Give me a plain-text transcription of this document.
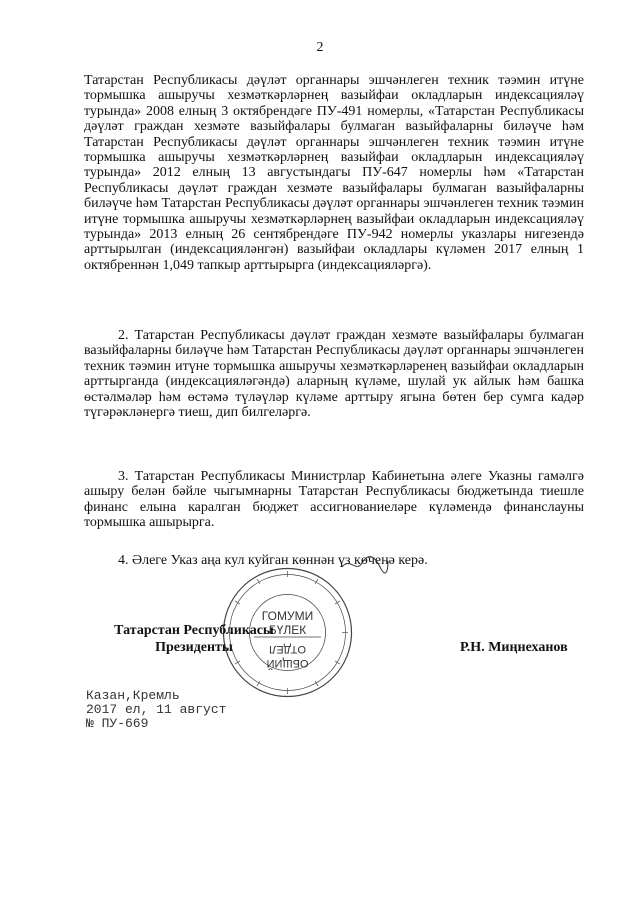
2

Татарстан Республикасы дәүләт органнары эшчәнлеген техник тәэмин итүне тормышка ашыручы хезмәткәрләрнең вазыйфаи окладларын индексацияләү турында» 2008 елның 3 октябрендәге ПУ-491 номерлы, «Татарстан Республикасы дәүләт граждан хезмәте вазыйфалары булмаган вазыйфаларны биләүче һәм Татарстан Республикасы дәүләт органнары эшчәнлеген техник тәэмин итүне тормышка ашыручы хезмәткәрләрнең вазыйфаи окладларын индексацияләү турында» 2012 елның 13 августындагы ПУ-647 номерлы һәм «Татарстан Республикасы дәүләт граждан хезмәте вазыйфалары булмаган вазыйфаларны биләүче һәм Татарстан Республикасы дәүләт органнары эшчәнлеген техник тәэмин итүне тормышка ашыручы хезмәткәрләрнең вазыйфаи окладларын индексацияләү турында» 2013 елның 26 сентябрендәге ПУ-942 номерлы указлары нигезендә арттырылган (индексацияләнгән) вазыйфаи окладлары күләмен 2017 елның 1 октябреннән 1,049 тапкыр арттырырга (индексацияләргә).

2. Татарстан Республикасы дәүләт граждан хезмәте вазыйфалары булмаган вазыйфаларны биләүче һәм Татарстан Республикасы дәүләт органнары эшчәнлеген техник тәэмин итүне тормышка ашыручы хезмәткәрләренең вазыйфаи окладларын арттырганда (индексацияләгәндә) аларның күләме, шулай ук айлык һәм башка өстәлмәләр һәм өстәмә түләүләр күләме арттыру ягына бөтен бер сумга кадәр түгәрәкләнергә тиеш, дип билгеләргә.

3. Татарстан Республикасы Министрлар Кабинетына әлеге Указны гамәлгә ашыру белән бәйле чыгымнарны Татарстан Республикасы бюджетында тиешле финанс елына каралган бюджет ассигнованиеләре күләмендә финанслауны тормышка ашырырга.

4. Әлеге Указ аңа кул куйган көннән үз көченә керә.

ГОМУМИ
БҮЛЕК
ОТДЕЛ
ОБЩИЙ
Татарстан Республикасы
Президенты	Р.Н. Миңнеханов
Казан,Кремль
2017 ел, 11 август
№ ПУ-669
